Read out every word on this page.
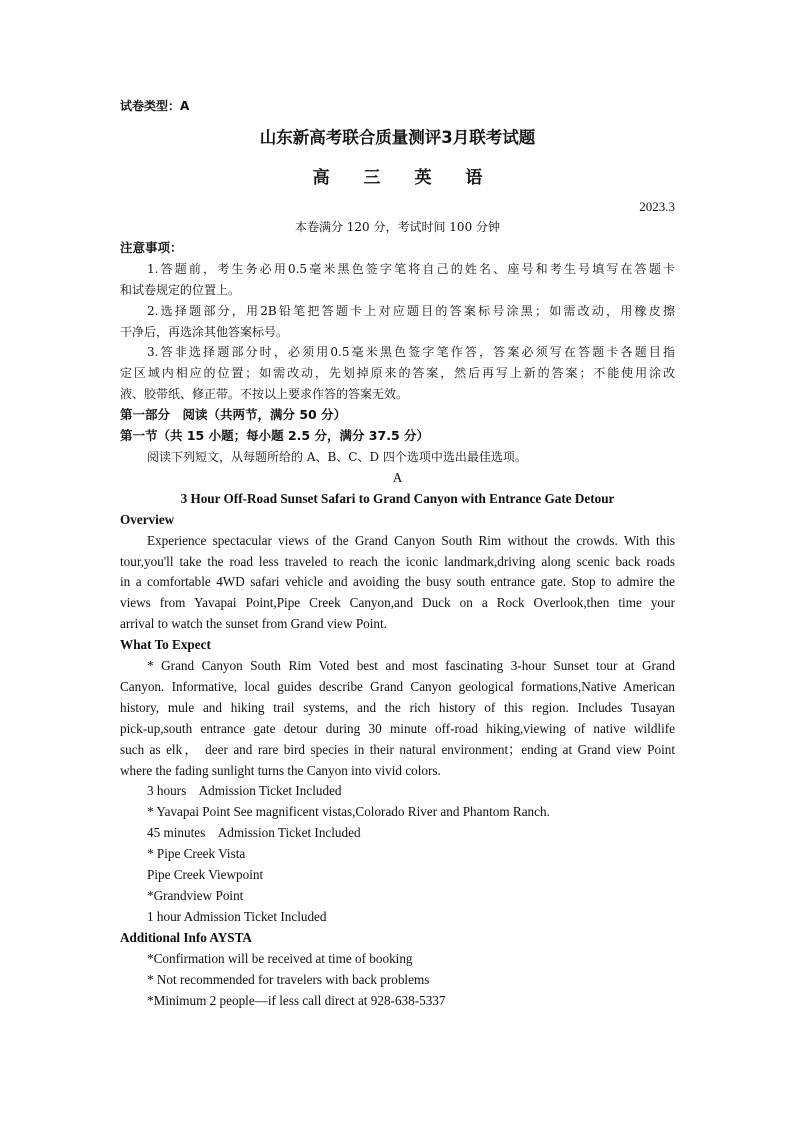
试卷类型：A
山东新高考联合质量测评3月联考试题
高 三 英 语
2023.3
本卷满分 120 分，考试时间 100 分钟
注意事项：
1.答题前，考生务必用0.5毫米黑色签字笔将自己的姓名、座号和考生号填写在答题卡
和试卷规定的位置上。
2.选择题部分，用2B铅笔把答题卡上对应题目的答案标号涂黑；如需改动，用橡皮擦
干净后，再选涂其他答案标号。
3.答非选择题部分时，必须用0.5毫米黑色签字笔作答，答案必须写在答题卡各题目指
定区域内相应的位置；如需改动，先划掉原来的答案，然后再写上新的答案；不能使用涂改
液、胶带纸、修正带。不按以上要求作答的答案无效。
第一部分　阅读（共两节，满分 50 分）
第一节（共 15 小题；每小题 2.5 分，满分 37.5 分）
阅读下列短文，从每题所给的 A、B、C、D 四个选项中选出最佳选项。
A
3 Hour Off-Road Sunset Safari to Grand Canyon with Entrance Gate Detour
Overview
Experience spectacular views of the Grand Canyon South Rim without the crowds. With this
tour,you'll take the road less traveled to reach the iconic landmark,driving along scenic back roads
in a comfortable 4WD safari vehicle and avoiding the busy south entrance gate. Stop to admire the
views from Yavapai Point,Pipe Creek Canyon,and Duck on a Rock Overlook,then time your
arrival to watch the sunset from Grand view Point.
What To Expect
* Grand Canyon South Rim Voted best and most fascinating 3-hour Sunset tour at Grand
Canyon. Informative, local guides describe Grand Canyon geological formations,Native American
history, mule and hiking trail systems, and the rich history of this region. Includes Tusayan
pick-up,south entrance gate detour during 30 minute off-road hiking,viewing of native wildlife
such as elk， deer and rare bird species in their natural environment；ending at Grand view Point
where the fading sunlight turns the Canyon into vivid colors.
3 hours    Admission Ticket Included
* Yavapai Point See magnificent vistas,Colorado River and Phantom Ranch.
45 minutes    Admission Ticket Included
* Pipe Creek Vista
Pipe Creek Viewpoint
*Grandview Point
1 hour Admission Ticket Included
Additional Info AYSTA
*Confirmation will be received at time of booking
* Not recommended for travelers with back problems
*Minimum 2 people—if less call direct at 928-638-5337
